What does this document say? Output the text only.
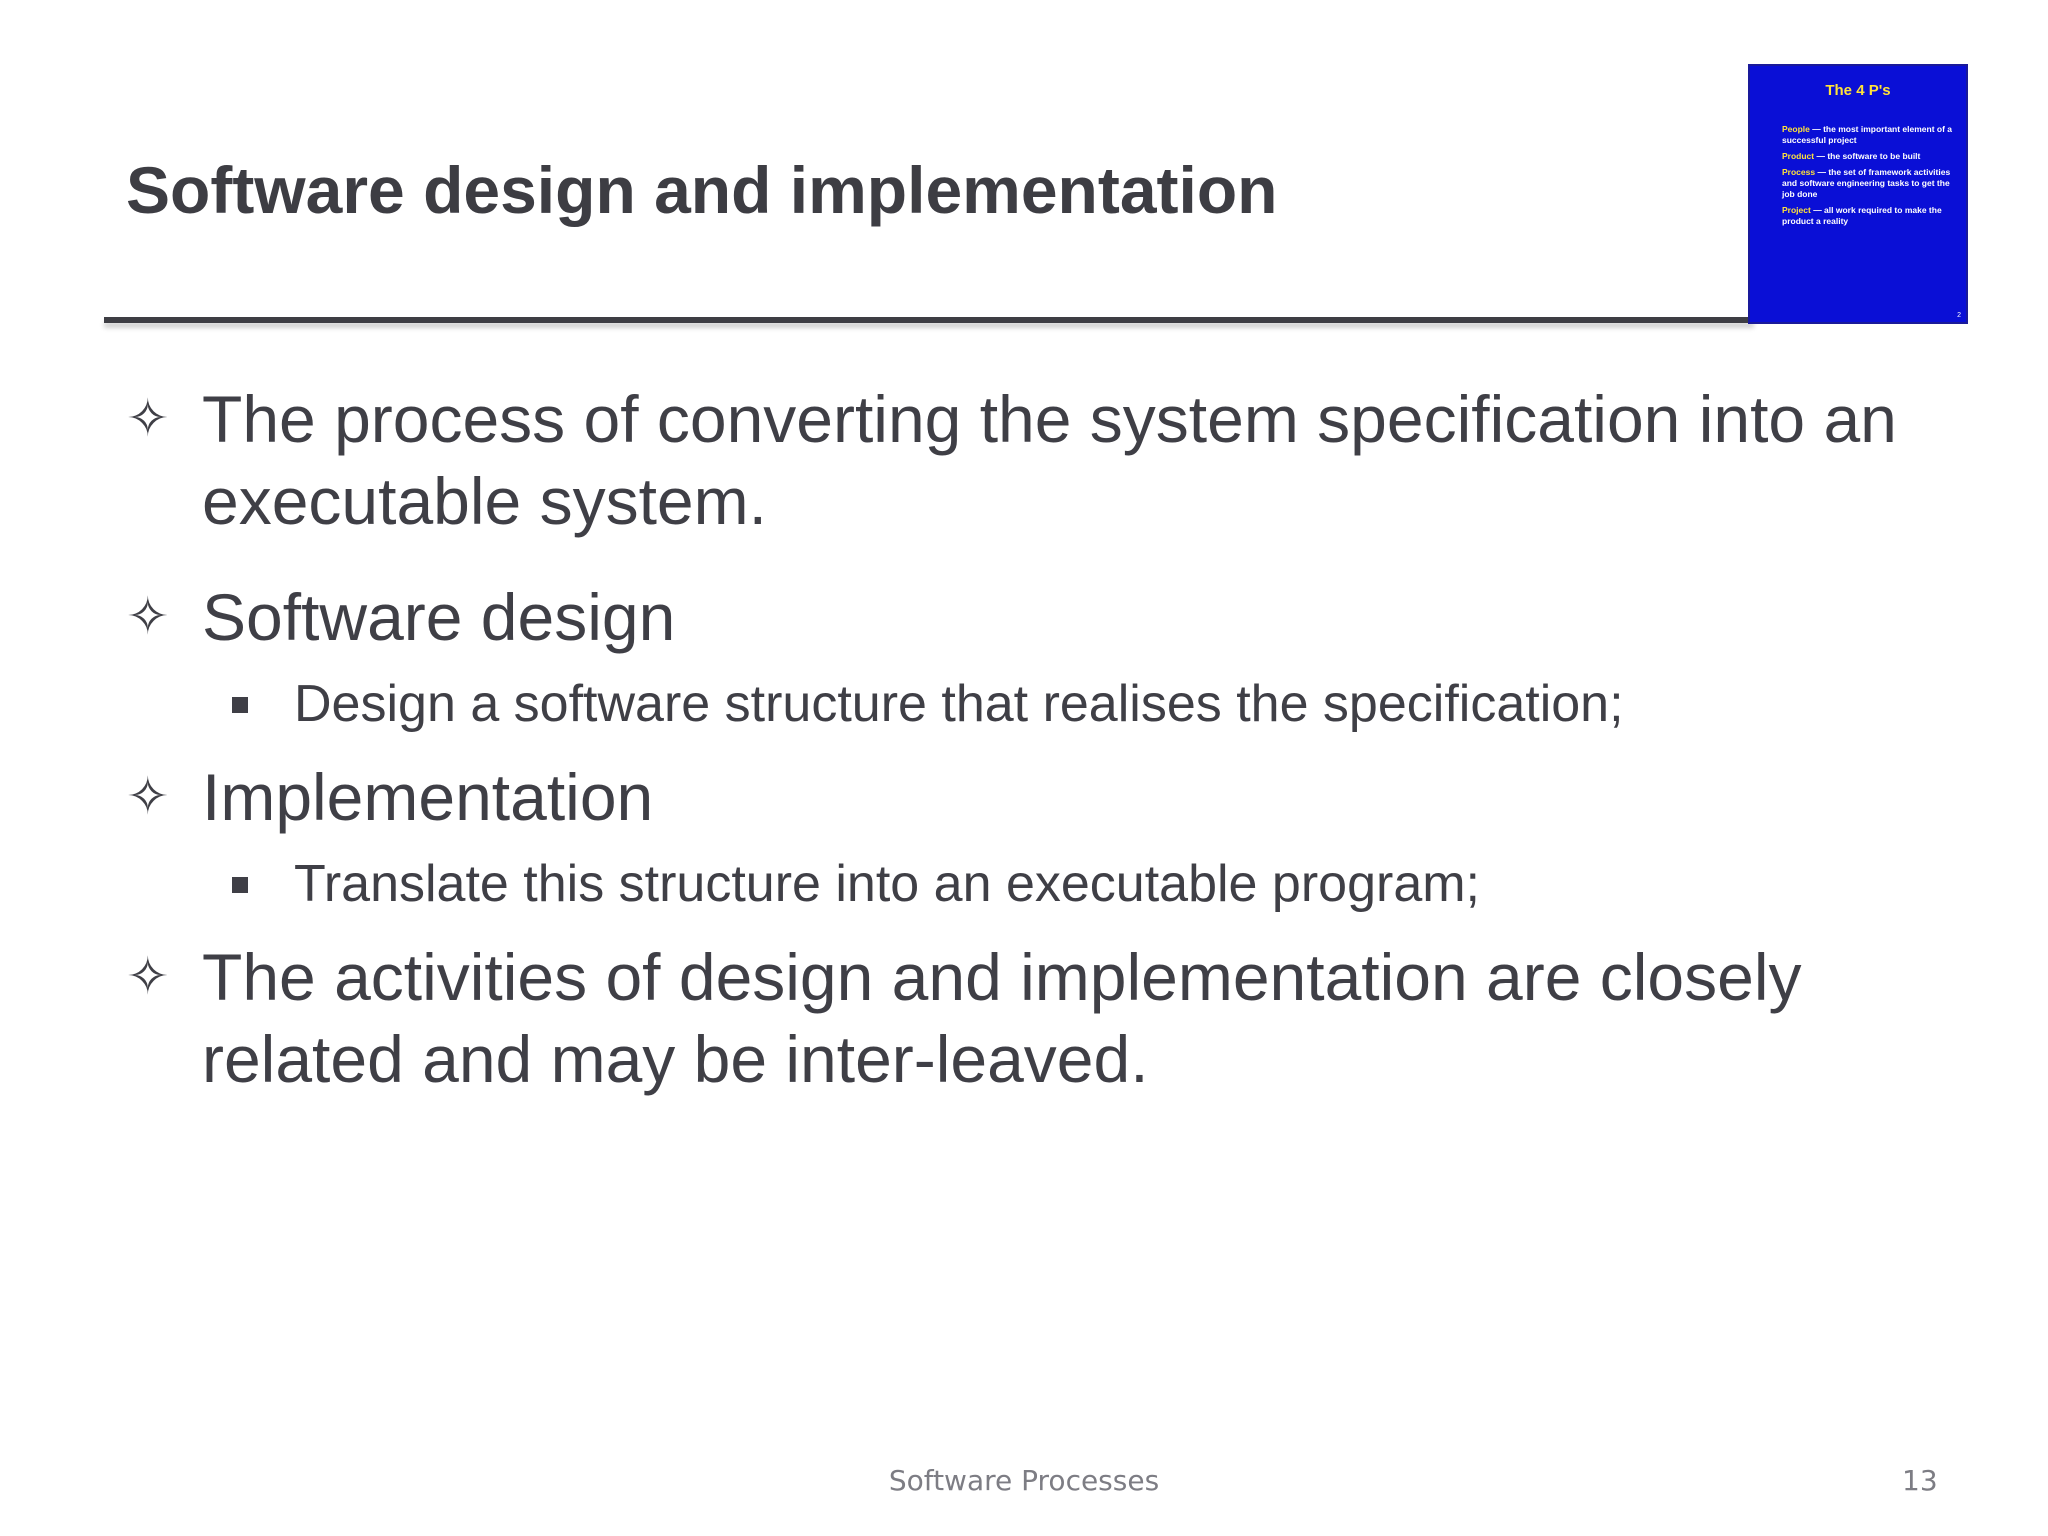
Software design and implementation
The 4 P's
People — the most important element of a successful project
Product — the software to be built
Process — the set of framework activities and software engineering tasks to get the job done
Project — all work required to make the product a reality
2
✧ The process of converting the system specification into an executable system.
✧ Software design
Design a software structure that realises the specification;
✧ Implementation
Translate this structure into an executable program;
✧ The activities of design and implementation are closely related and may be inter-leaved.
Software Processes	13
